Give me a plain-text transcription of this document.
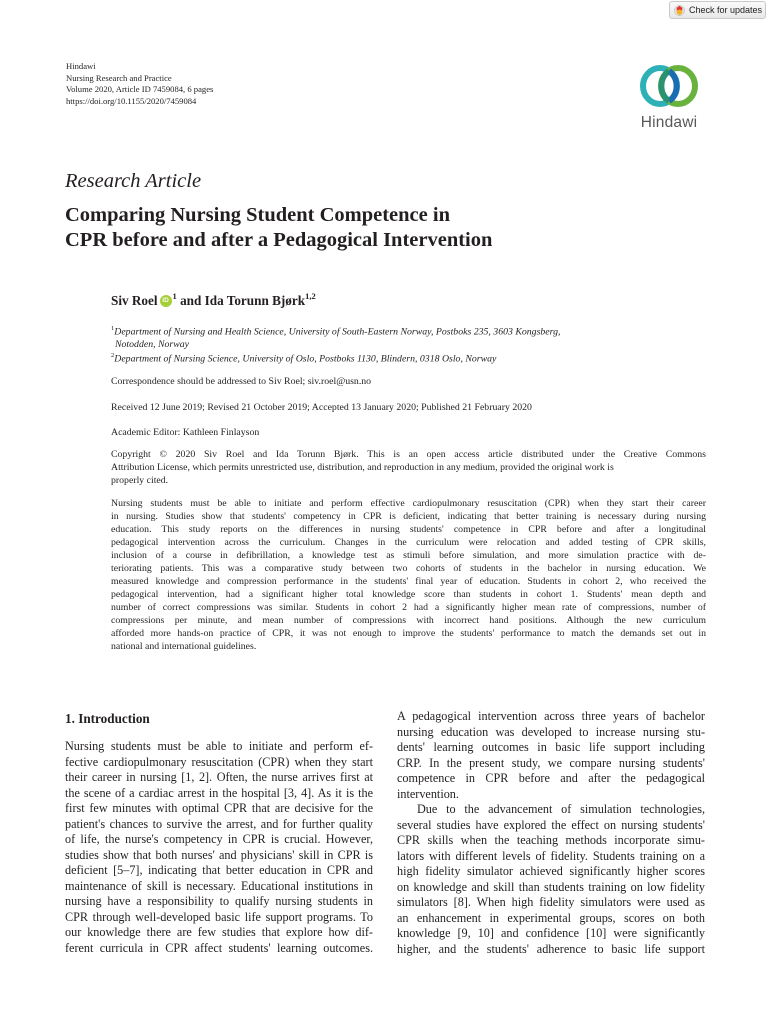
Check for updates
Hindawi
Nursing Research and Practice
Volume 2020, Article ID 7459084, 6 pages
https://doi.org/10.1155/2020/7459084
Hindawi
Research Article
Comparing Nursing Student Competence in
CPR before and after a Pedagogical Intervention
Siv Roel iD $^1$ and Ida Torunn Bjørk$^{1,2}$
$^1$Department of Nursing and Health Science, University of South-Eastern Norway, Postboks 235, 3603 Kongsberg,
Notodden, Norway
$^2$Department of Nursing Science, University of Oslo, Postboks 1130, Blindern, 0318 Oslo, Norway
Correspondence should be addressed to Siv Roel; siv.roel@usn.no
Received 12 June 2019; Revised 21 October 2019; Accepted 13 January 2020; Published 21 February 2020
Academic Editor: Kathleen Finlayson
Copyright © 2020 Siv Roel and Ida Torunn Bjørk. This is an open access article distributed under the Creative Commons
Attribution License, which permits unrestricted use, distribution, and reproduction in any medium, provided the original work is
properly cited.
Nursing students must be able to initiate and perform effective cardiopulmonary resuscitation (CPR) when they start their career
in nursing. Studies show that students' competency in CPR is deficient, indicating that better training is necessary during nursing
education. This study reports on the differences in nursing students' competence in CPR before and after a longitudinal
pedagogical intervention across the curriculum. Changes in the curriculum were relocation and added testing of CPR skills,
inclusion of a course in defibrillation, a knowledge test as stimuli before simulation, and more simulation practice with de-
teriorating patients. This was a comparative study between two cohorts of students in the bachelor in nursing education. We
measured knowledge and compression performance in the students' final year of education. Students in cohort 2, who received the
pedagogical intervention, had a significant higher total knowledge score than students in cohort 1. Students' mean depth and
number of correct compressions was similar. Students in cohort 2 had a significantly higher mean rate of compressions, number of
compressions per minute, and mean number of compressions with incorrect hand positions. Although the new curriculum
afforded more hands-on practice of CPR, it was not enough to improve the students' performance to match the demands set out in
national and international guidelines.
1. Introduction
Nursing students must be able to initiate and perform ef-
fective cardiopulmonary resuscitation (CPR) when they start
their career in nursing [1, 2]. Often, the nurse arrives first at
the scene of a cardiac arrest in the hospital [3, 4]. As it is the
first few minutes with optimal CPR that are decisive for the
patient's chances to survive the arrest, and for further quality
of life, the nurse's competency in CPR is crucial. However,
studies show that both nurses' and physicians' skill in CPR is
deficient [5–7], indicating that better education in CPR and
maintenance of skill is necessary. Educational institutions in
nursing have a responsibility to qualify nursing students in
CPR through well-developed basic life support programs. To
our knowledge there are few studies that explore how dif-
ferent curricula in CPR affect students' learning outcomes.
A pedagogical intervention across three years of bachelor
nursing education was developed to increase nursing stu-
dents' learning outcomes in basic life support including
CRP. In the present study, we compare nursing students'
competence in CPR before and after the pedagogical
intervention.
Due to the advancement of simulation technologies,
several studies have explored the effect on nursing students'
CPR skills when the teaching methods incorporate simu-
lators with different levels of fidelity. Students training on a
high fidelity simulator achieved significantly higher scores
on knowledge and skill than students training on low fidelity
simulators [8]. When high fidelity simulators were used as
an enhancement in experimental groups, scores on both
knowledge [9, 10] and confidence [10] were significantly
higher, and the students' adherence to basic life support
